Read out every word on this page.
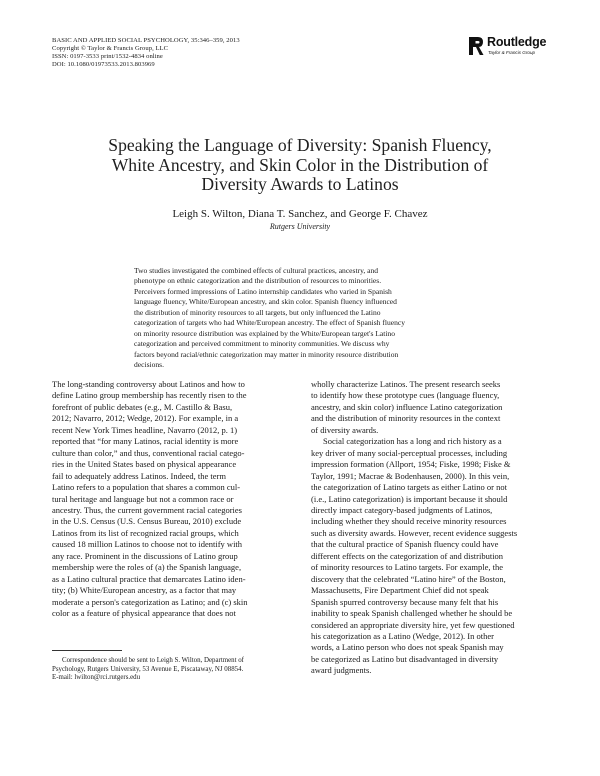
BASIC AND APPLIED SOCIAL PSYCHOLOGY, 35:346–359, 2013
Copyright © Taylor & Francis Group, LLC
ISSN: 0197-3533 print/1532-4834 online
DOI: 10.1080/01973533.2013.803969
Routledge
Taylor & Francis Group
Speaking the Language of Diversity: Spanish Fluency,
White Ancestry, and Skin Color in the Distribution of
Diversity Awards to Latinos
Leigh S. Wilton, Diana T. Sanchez, and George F. Chavez
Rutgers University
Two studies investigated the combined effects of cultural practices, ancestry, and
phenotype on ethnic categorization and the distribution of resources to minorities.
Perceivers formed impressions of Latino internship candidates who varied in Spanish
language fluency, White/European ancestry, and skin color. Spanish fluency influenced
the distribution of minority resources to all targets, but only influenced the Latino
categorization of targets who had White/European ancestry. The effect of Spanish fluency
on minority resource distribution was explained by the White/European target's Latino
categorization and perceived commitment to minority communities. We discuss why
factors beyond racial/ethnic categorization may matter in minority resource distribution
decisions.
The long-standing controversy about Latinos and how to
define Latino group membership has recently risen to the
forefront of public debates (e.g., M. Castillo & Basu,
2012; Navarro, 2012; Wedge, 2012). For example, in a
recent New York Times headline, Navarro (2012, p. 1)
reported that “for many Latinos, racial identity is more
culture than color,” and thus, conventional racial catego-
ries in the United States based on physical appearance
fail to adequately address Latinos. Indeed, the term
Latino refers to a population that shares a common cul-
tural heritage and language but not a common race or
ancestry. Thus, the current government racial categories
in the U.S. Census (U.S. Census Bureau, 2010) exclude
Latinos from its list of recognized racial groups, which
caused 18 million Latinos to choose not to identify with
any race. Prominent in the discussions of Latino group
membership were the roles of (a) the Spanish language,
as a Latino cultural practice that demarcates Latino iden-
tity; (b) White/European ancestry, as a factor that may
moderate a person's categorization as Latino; and (c) skin
color as a feature of physical appearance that does not
wholly characterize Latinos. The present research seeks
to identify how these prototype cues (language fluency,
ancestry, and skin color) influence Latino categorization
and the distribution of minority resources in the context
of diversity awards.
Social categorization has a long and rich history as a
key driver of many social-perceptual processes, including
impression formation (Allport, 1954; Fiske, 1998; Fiske &
Taylor, 1991; Macrae & Bodenhausen, 2000). In this vein,
the categorization of Latino targets as either Latino or not
(i.e., Latino categorization) is important because it should
directly impact category-based judgments of Latinos,
including whether they should receive minority resources
such as diversity awards. However, recent evidence suggests
that the cultural practice of Spanish fluency could have
different effects on the categorization of and distribution
of minority resources to Latino targets. For example, the
discovery that the celebrated “Latino hire” of the Boston,
Massachusetts, Fire Department Chief did not speak
Spanish spurred controversy because many felt that his
inability to speak Spanish challenged whether he should be
considered an appropriate diversity hire, yet few questioned
his categorization as a Latino (Wedge, 2012). In other
words, a Latino person who does not speak Spanish may
be categorized as Latino but disadvantaged in diversity
award judgments.
Correspondence should be sent to Leigh S. Wilton, Department of
Psychology, Rutgers University, 53 Avenue E, Piscataway, NJ 08854.
E-mail: lwilton@rci.rutgers.edu
